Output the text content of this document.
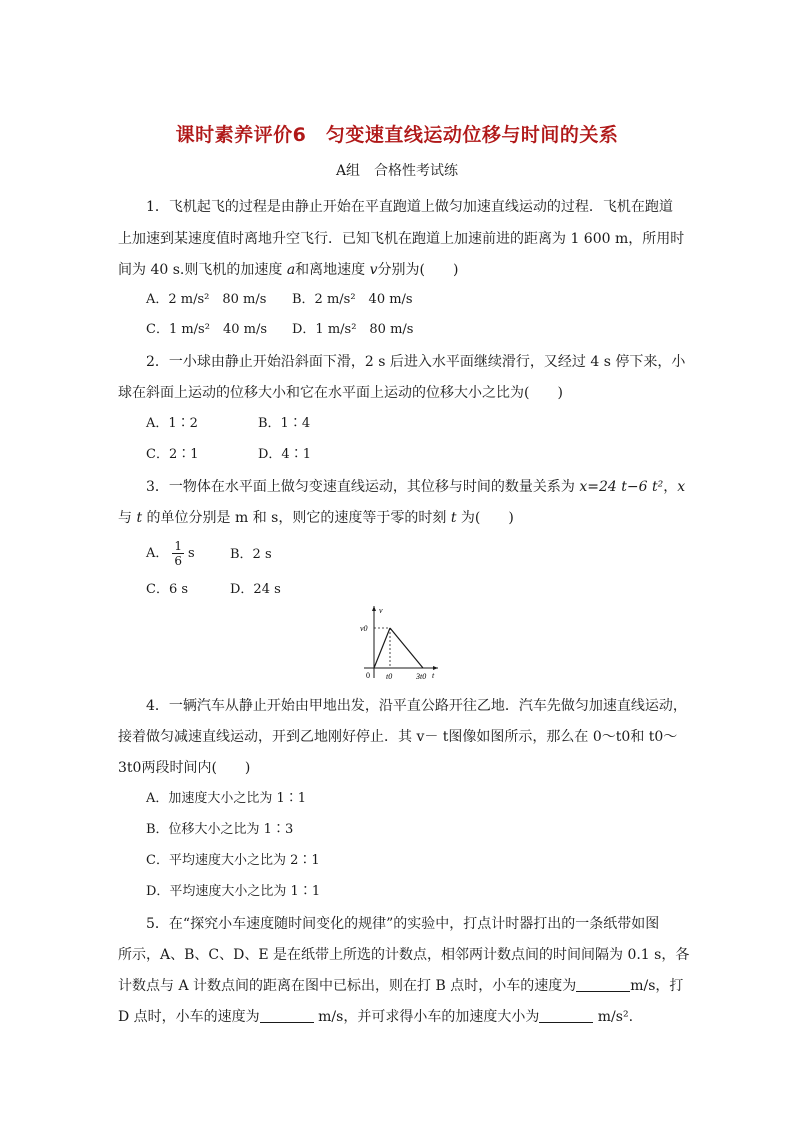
课时素养评价6　匀变速直线运动位移与时间的关系
A组　合格性考试练
1．飞机起飞的过程是由静止开始在平直跑道上做匀加速直线运动的过程．飞机在跑道
上加速到某速度值时离地升空飞行．已知飞机在跑道上加速前进的距离为 1 600 m，所用时
间为 40 s.则飞机的加速度 a和离地速度 v分别为(　　)
A．2 m/s²　80 m/s B．2 m/s²　40 m/s
C．1 m/s²　40 m/s D．1 m/s²　80 m/s
2．一小球由静止开始沿斜面下滑，2 s 后进入水平面继续滑行，又经过 4 s 停下来，小
球在斜面上运动的位移大小和它在水平面上运动的位移大小之比为(　　)
A．1∶2	B．1∶4
C．2∶1	D．4∶1
3．一物体在水平面上做匀变速直线运动，其位移与时间的数量关系为 x=24 t−6 t²，x
与 t 的单位分别是 m 和 s，则它的速度等于零的时刻 t 为(　　)
A． $\frac{1}{6}$ s	B．2 s
C．6 s	D．24 s
v
v0
0 t0	3t0 t
4．一辆汽车从静止开始由甲地出发，沿平直公路开往乙地．汽车先做匀加速直线运动，
接着做匀减速直线运动，开到乙地刚好停止．其 v－ t图像如图所示，那么在 0～t0和 t0～
3t0两段时间内(　　)
A．加速度大小之比为 1∶1
B．位移大小之比为 1∶3
C．平均速度大小之比为 2∶1
D．平均速度大小之比为 1∶1
5．在“探究小车速度随时间变化的规律”的实验中，打点计时器打出的一条纸带如图
所示，A、B、C、D、E 是在纸带上所选的计数点，相邻两计数点间的时间间隔为 0.1 s，各
计数点与 A 计数点间的距离在图中已标出，则在打 B 点时，小车的速度为	m/s，打
D 点时，小车的速度为	m/s，并可求得小车的加速度大小为	m/s².
